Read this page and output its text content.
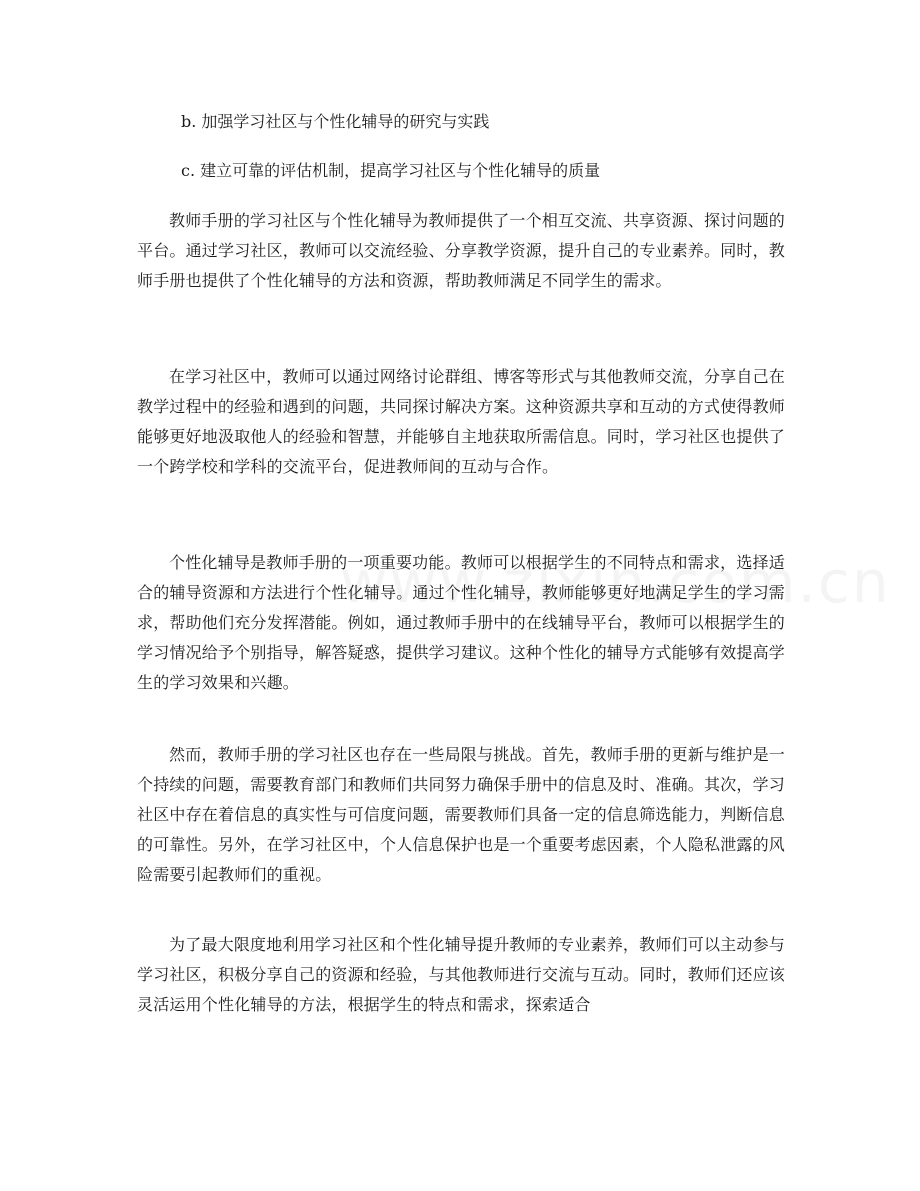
b. 加强学习社区与个性化辅导的研究与实践
c. 建立可靠的评估机制，提高学习社区与个性化辅导的质量

教师手册的学习社区与个性化辅导为教师提供了一个相互交流、共享资源、探讨问题的平台。通过学习社区，教师可以交流经验、分享教学资源，提升自己的专业素养。同时，教师手册也提供了个性化辅导的方法和资源，帮助教师满足不同学生的需求。

在学习社区中，教师可以通过网络讨论群组、博客等形式与其他教师交流，分享自己在教学过程中的经验和遇到的问题，共同探讨解决方案。这种资源共享和互动的方式使得教师能够更好地汲取他人的经验和智慧，并能够自主地获取所需信息。同时，学习社区也提供了一个跨学校和学科的交流平台，促进教师间的互动与合作。

个性化辅导是教师手册的一项重要功能。教师可以根据学生的不同特点和需求，选择适合的辅导资源和方法进行个性化辅导。通过个性化辅导，教师能够更好地满足学生的学习需求，帮助他们充分发挥潜能。例如，通过教师手册中的在线辅导平台，教师可以根据学生的学习情况给予个别指导，解答疑惑，提供学习建议。这种个性化的辅导方式能够有效提高学生的学习效果和兴趣。

然而，教师手册的学习社区也存在一些局限与挑战。首先，教师手册的更新与维护是一个持续的问题，需要教育部门和教师们共同努力确保手册中的信息及时、准确。其次，学习社区中存在着信息的真实性与可信度问题，需要教师们具备一定的信息筛选能力，判断信息的可靠性。另外，在学习社区中，个人信息保护也是一个重要考虑因素，个人隐私泄露的风险需要引起教师们的重视。

为了最大限度地利用学习社区和个性化辅导提升教师的专业素养，教师们可以主动参与学习社区，积极分享自己的资源和经验，与其他教师进行交流与互动。同时，教师们还应该灵活运用个性化辅导的方法，根据学生的特点和需求，探索适合
